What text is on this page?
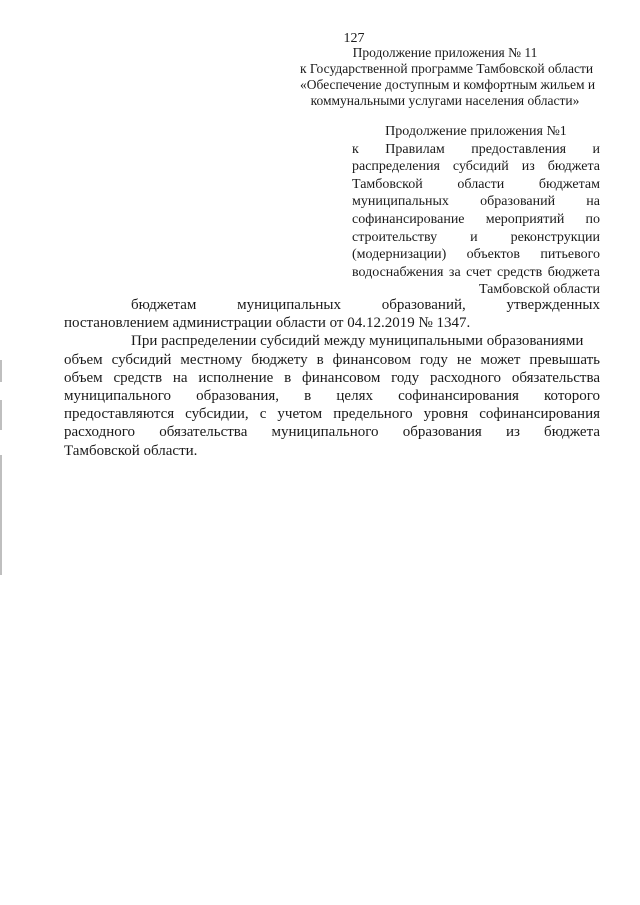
127
Продолжение приложения № 11
к Государственной программе Тамбовской области
«Обеспечение доступным и комфортным жильем и
коммунальными услугами населения области»
Продолжение приложения №1
к Правилам предоставления и
распределения субсидий из бюджета
Тамбовской области бюджетам
муниципальных образований на
софинансирование мероприятий по
строительству и реконструкции
(модернизации) объектов питьевого
водоснабжения за счет средств бюджета
Тамбовской области
бюджетам муниципальных образований, утвержденных
постановлением администрации области от 04.12.2019 № 1347.
При распределении субсидий между муниципальными образованиями
объем субсидий местному бюджету в финансовом году не может превышать
объем средств на исполнение в финансовом году расходного обязательства
муниципального образования, в целях софинансирования которого
предоставляются субсидии, с учетом предельного уровня софинансирования
расходного обязательства муниципального образования из бюджета
Тамбовской области.
